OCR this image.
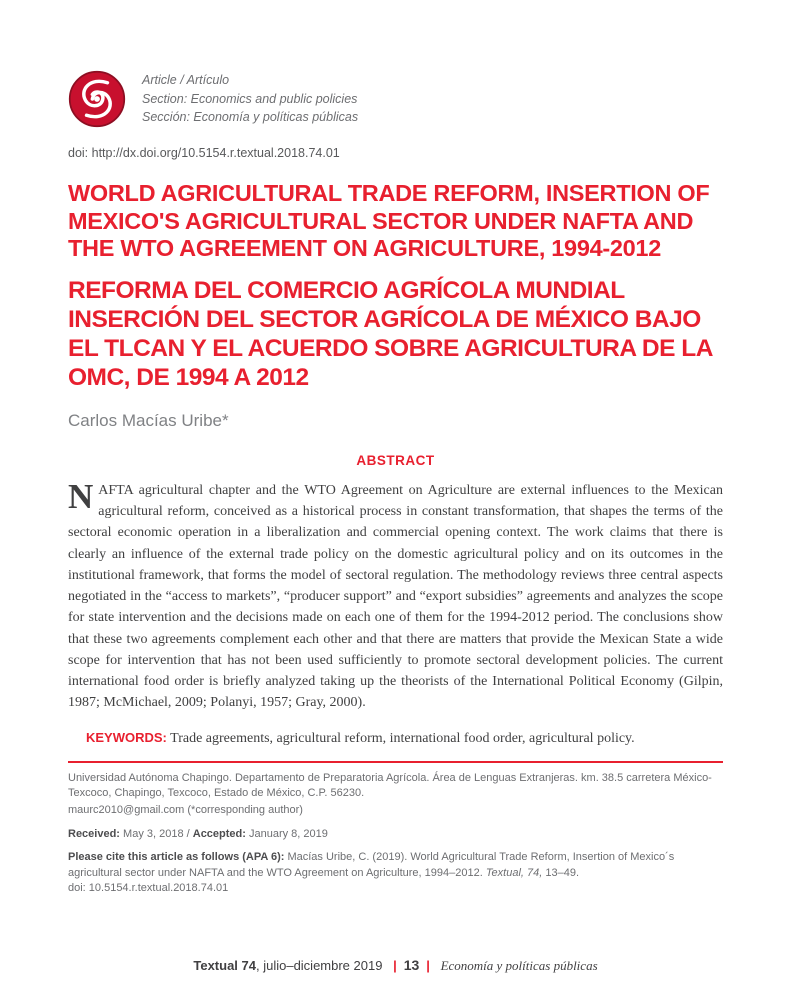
Article / Artículo
Section: Economics and public policies
Sección: Economía y políticas públicas
doi: http://dx.doi.org/10.5154.r.textual.2018.74.01
WORLD AGRICULTURAL TRADE REFORM, INSERTION OF MEXICO'S AGRICULTURAL SECTOR UNDER NAFTA AND THE WTO AGREEMENT ON AGRICULTURE, 1994-2012
REFORMA DEL COMERCIO AGRÍCOLA MUNDIAL INSERCIÓN DEL SECTOR AGRÍCOLA DE MÉXICO BAJO EL TLCAN Y EL ACUERDO SOBRE AGRICULTURA DE LA OMC, DE 1994 A 2012
Carlos Macías Uribe*
ABSTRACT

NAFTA agricultural chapter and the WTO Agreement on Agriculture are external influences to the Mexican agricultural reform, conceived as a historical process in constant transformation, that shapes the terms of the sectoral economic operation in a liberalization and commercial opening context. The work claims that there is clearly an influence of the external trade policy on the domestic agricultural policy and on its outcomes in the institutional framework, that forms the model of sectoral regulation. The methodology reviews three central aspects negotiated in the “access to markets”, “producer support” and “export subsidies” agreements and analyzes the scope for state intervention and the decisions made on each one of them for the 1994-2012 period. The conclusions show that these two agreements complement each other and that there are matters that provide the Mexican State a wide scope for intervention that has not been used sufficiently to promote sectoral development policies. The current international food order is briefly analyzed taking up the theorists of the International Political Economy (Gilpin, 1987; McMichael, 2009; Polanyi, 1957; Gray, 2000).

KEYWORDS: Trade agreements, agricultural reform, international food order, agricultural policy.
Universidad Autónoma Chapingo. Departamento de Preparatoria Agrícola. Área de Lenguas Extranjeras. km. 38.5 carretera México-Texcoco, Chapingo, Texcoco, Estado de México, C.P. 56230.
maurc2010@gmail.com (*corresponding author)
Received: May 3, 2018 / Accepted: January 8, 2019
Please cite this article as follows (APA 6): Macías Uribe, C. (2019). World Agricultural Trade Reform, Insertion of Mexico´s agricultural sector under NAFTA and the WTO Agreement on Agriculture, 1994–2012. Textual, 74, 13–49.
doi: 10.5154.r.textual.2018.74.01
Textual 74, julio–diciembre 2019 | 13 | Economía y políticas públicas
